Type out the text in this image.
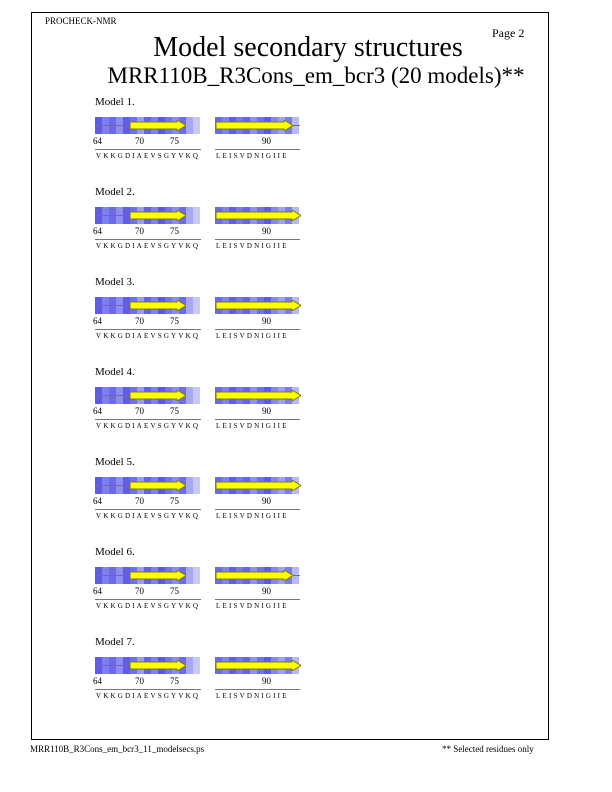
PROCHECK-NMR
Page 2
Model secondary structures
MRR110B_R3Cons_em_bcr3 (20 models)**
Model 1.
64	70	75	90
VKKGDIAEVSGYVKQ LEISVDNIGIIE
Model 2.
64	70	75	90
VKKGDIAEVSGYVKQ LEISVDNIGIIE
Model 3.
64	70	75	90
VKKGDIAEVSGYVKQ LEISVDNIGIIE
Model 4.
64	70	75	90
VKKGDIAEVSGYVKQ LEISVDNIGIIE
Model 5.
64	70	75	90
VKKGDIAEVSGYVKQ LEISVDNIGIIE
Model 6.
64	70	75	90
VKKGDIAEVSGYVKQ LEISVDNIGIIE
Model 7.
64	70	75	90
VKKGDIAEVSGYVKQ LEISVDNIGIIE
MRR110B_R3Cons_em_bcr3_11_modelsecs.ps	** Selected residues only
